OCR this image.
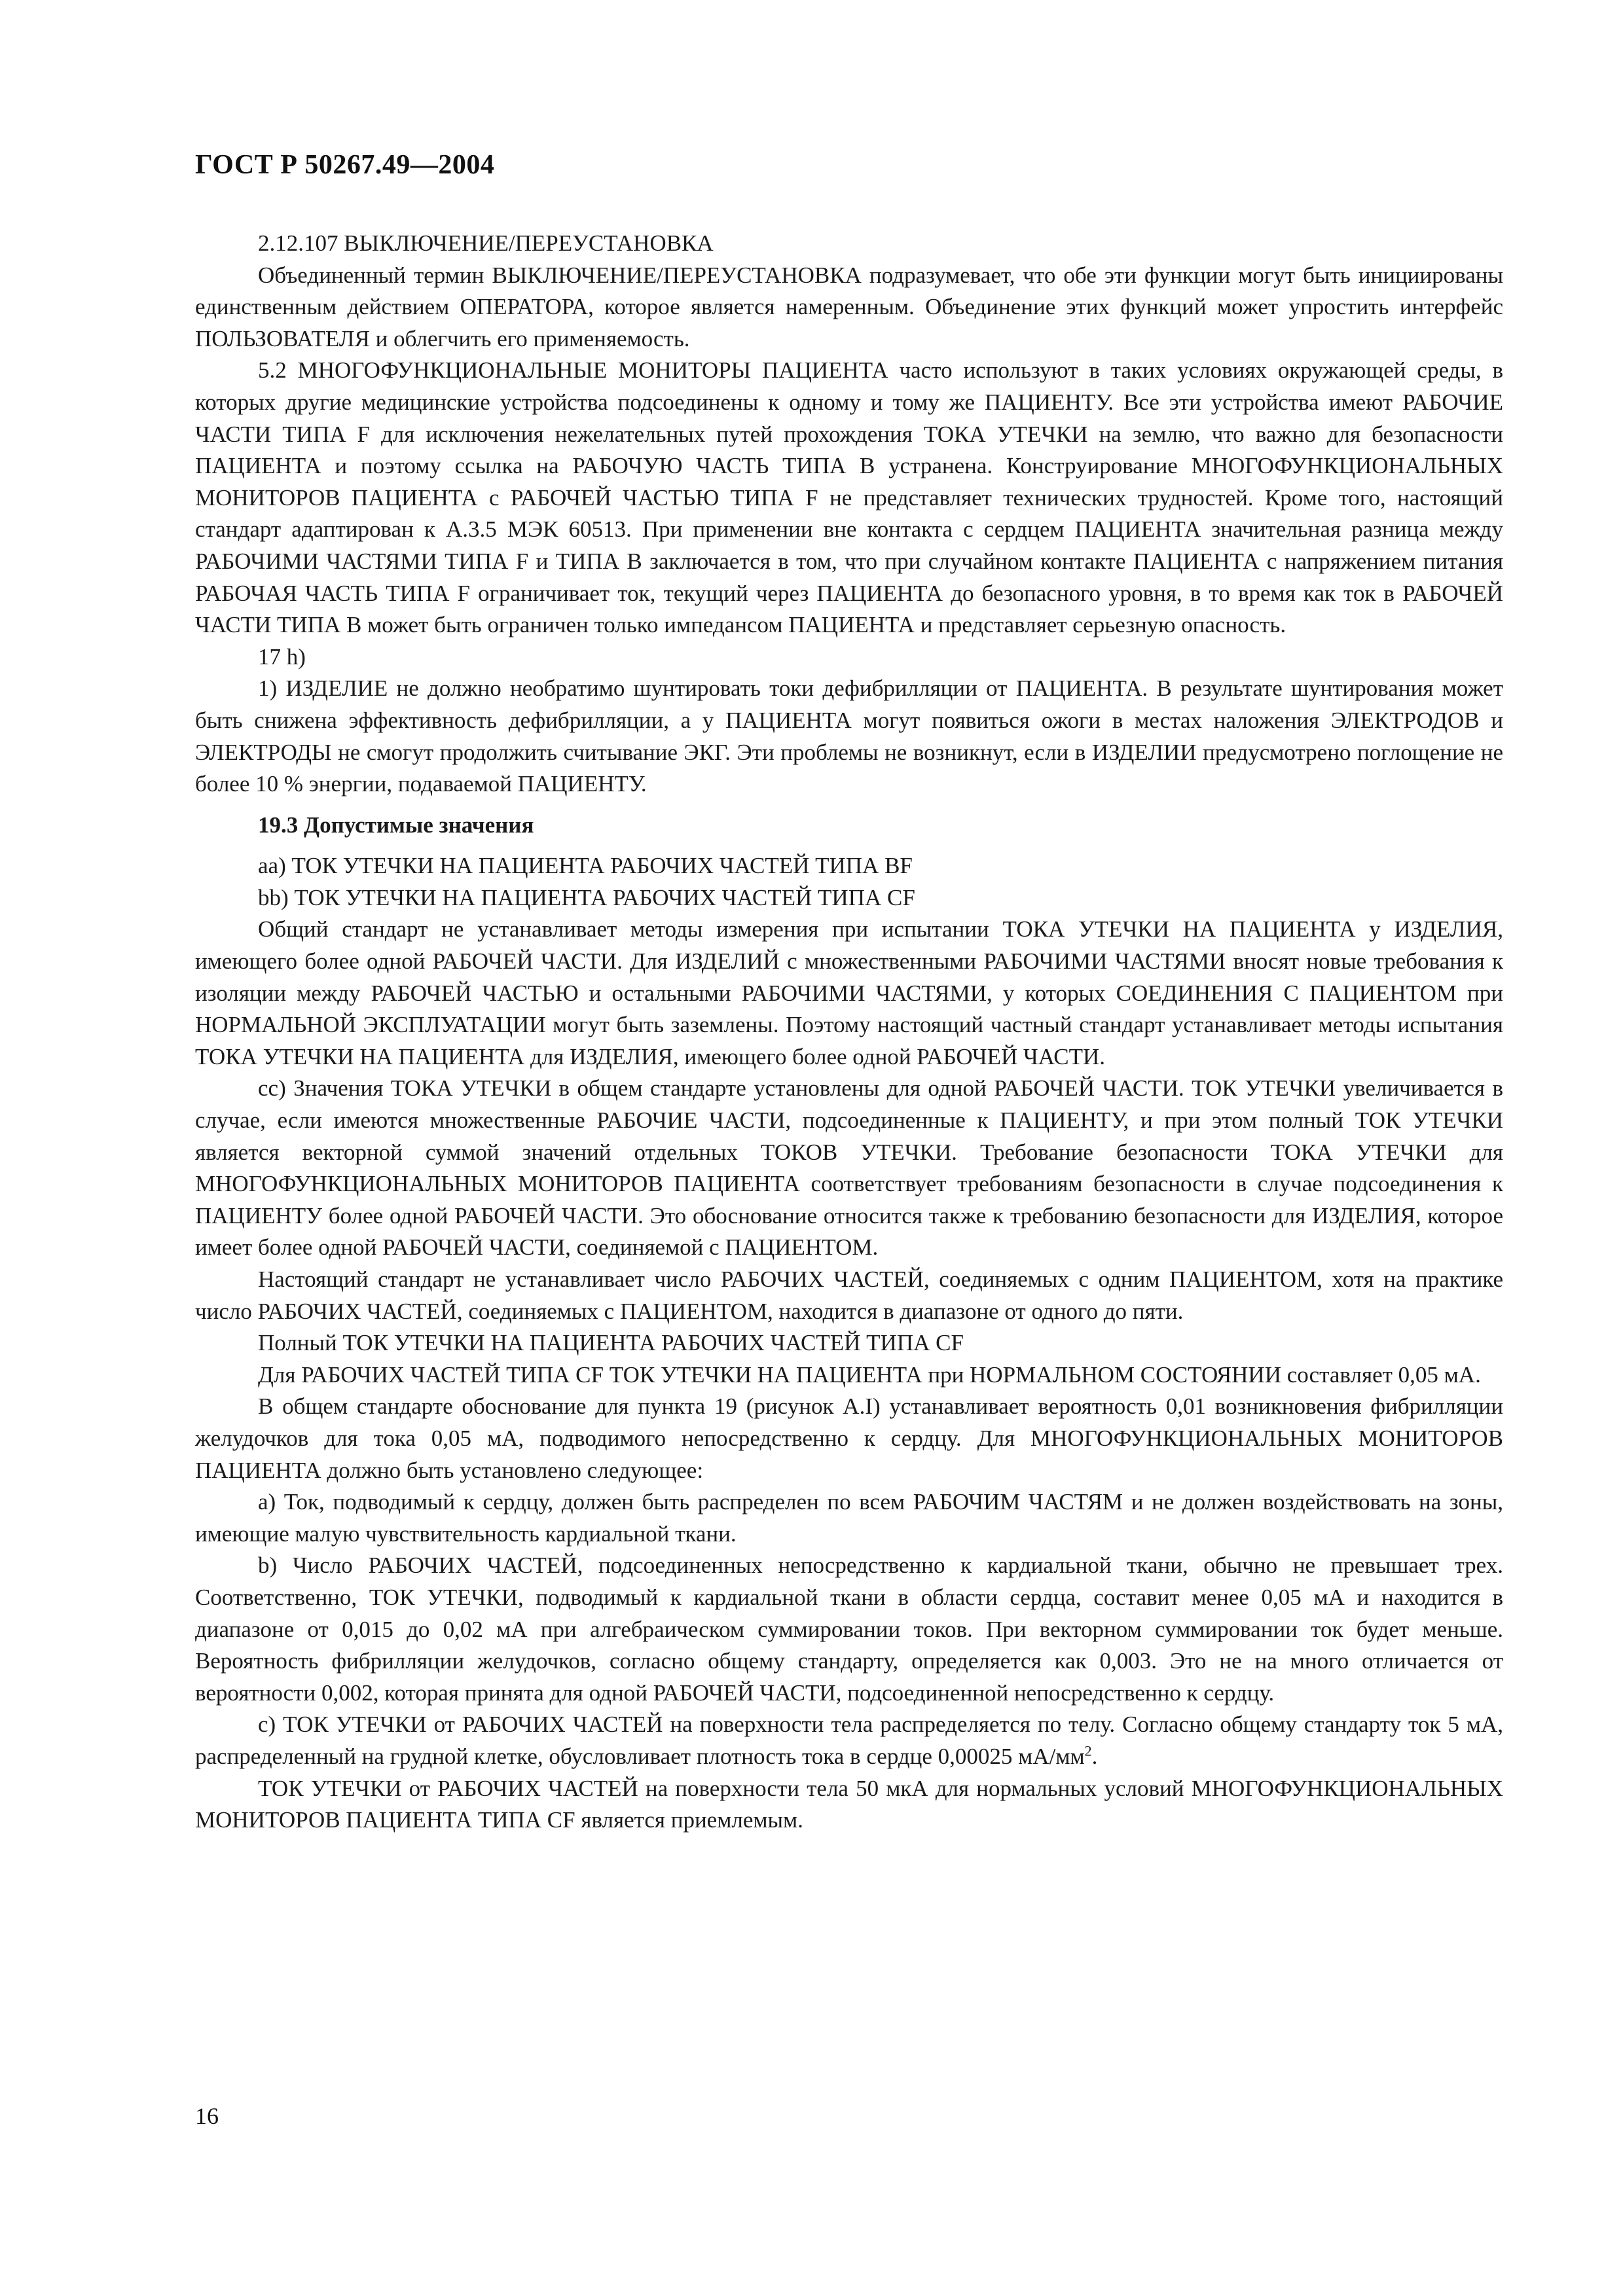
ГОСТ Р 50267.49—2004

2.12.107 ВЫКЛЮЧЕНИЕ/ПЕРЕУСТАНОВКА

Объединенный термин ВЫКЛЮЧЕНИЕ/ПЕРЕУСТАНОВКА подразумевает, что обе эти функции могут быть инициированы единственным действием ОПЕРАТОРА, которое является намеренным. Объединение этих функций может упростить интерфейс ПОЛЬЗОВАТЕЛЯ и облегчить его применяемость.

5.2 МНОГОФУНКЦИОНАЛЬНЫЕ МОНИТОРЫ ПАЦИЕНТА часто используют в таких условиях окружающей среды, в которых другие медицинские устройства подсоединены к одному и тому же ПАЦИЕНТУ. Все эти устройства имеют РАБОЧИЕ ЧАСТИ ТИПА F для исключения нежелательных путей прохождения ТОКА УТЕЧКИ на землю, что важно для безопасности ПАЦИЕНТА и поэтому ссылка на РАБОЧУЮ ЧАСТЬ ТИПА В устранена. Конструирование МНОГОФУНКЦИОНАЛЬНЫХ МОНИТОРОВ ПАЦИЕНТА с РАБОЧЕЙ ЧАСТЬЮ ТИПА F не представляет технических трудностей. Кроме того, настоящий стандарт адаптирован к А.3.5 МЭК 60513. При применении вне контакта с сердцем ПАЦИЕНТА значительная разница между РАБОЧИМИ ЧАСТЯМИ ТИПА F и ТИПА В заключается в том, что при случайном контакте ПАЦИЕНТА с напряжением питания РАБОЧАЯ ЧАСТЬ ТИПА F ограничивает ток, текущий через ПАЦИЕНТА до безопасного уровня, в то время как ток в РАБОЧЕЙ ЧАСТИ ТИПА В может быть ограничен только импедансом ПАЦИЕНТА и представляет серьезную опасность.

17 h)

1) ИЗДЕЛИЕ не должно необратимо шунтировать токи дефибрилляции от ПАЦИЕНТА. В результате шунтирования может быть снижена эффективность дефибрилляции, а у ПАЦИЕНТА могут появиться ожоги в местах наложения ЭЛЕКТРОДОВ и ЭЛЕКТРОДЫ не смогут продолжить считывание ЭКГ. Эти проблемы не возникнут, если в ИЗДЕЛИИ предусмотрено поглощение не более 10 % энергии, подаваемой ПАЦИЕНТУ.

19.3 Допустимые значения

аа) ТОК УТЕЧКИ НА ПАЦИЕНТА РАБОЧИХ ЧАСТЕЙ ТИПА BF

bb) ТОК УТЕЧКИ НА ПАЦИЕНТА РАБОЧИХ ЧАСТЕЙ ТИПА CF

Общий стандарт не устанавливает методы измерения при испытании ТОКА УТЕЧКИ НА ПАЦИЕНТА у ИЗДЕЛИЯ, имеющего более одной РАБОЧЕЙ ЧАСТИ. Для ИЗДЕЛИЙ с множественными РАБОЧИМИ ЧАСТЯМИ вносят новые требования к изоляции между РАБОЧЕЙ ЧАСТЬЮ и остальными РАБОЧИМИ ЧАСТЯМИ, у которых СОЕДИНЕНИЯ С ПАЦИЕНТОМ при НОРМАЛЬНОЙ ЭКСПЛУАТАЦИИ могут быть заземлены. Поэтому настоящий частный стандарт устанавливает методы испытания ТОКА УТЕЧКИ НА ПАЦИЕНТА для ИЗДЕЛИЯ, имеющего более одной РАБОЧЕЙ ЧАСТИ.

сс) Значения ТОКА УТЕЧКИ в общем стандарте установлены для одной РАБОЧЕЙ ЧАСТИ. ТОК УТЕЧКИ увеличивается в случае, если имеются множественные РАБОЧИЕ ЧАСТИ, подсоединенные к ПАЦИЕНТУ, и при этом полный ТОК УТЕЧКИ является векторной суммой значений отдельных ТОКОВ УТЕЧКИ. Требование безопасности ТОКА УТЕЧКИ для МНОГОФУНКЦИОНАЛЬНЫХ МОНИТОРОВ ПАЦИЕНТА соответствует требованиям безопасности в случае подсоединения к ПАЦИЕНТУ более одной РАБОЧЕЙ ЧАСТИ. Это обоснование относится также к требованию безопасности для ИЗДЕЛИЯ, которое имеет более одной РАБОЧЕЙ ЧАСТИ, соединяемой с ПАЦИЕНТОМ.

Настоящий стандарт не устанавливает число РАБОЧИХ ЧАСТЕЙ, соединяемых с одним ПАЦИЕНТОМ, хотя на практике число РАБОЧИХ ЧАСТЕЙ, соединяемых с ПАЦИЕНТОМ, находится в диапазоне от одного до пяти.

Полный ТОК УТЕЧКИ НА ПАЦИЕНТА РАБОЧИХ ЧАСТЕЙ ТИПА CF

Для РАБОЧИХ ЧАСТЕЙ ТИПА CF ТОК УТЕЧКИ НА ПАЦИЕНТА при НОРМАЛЬНОМ СОСТОЯНИИ составляет 0,05 мА.

В общем стандарте обоснование для пункта 19 (рисунок А.I) устанавливает вероятность 0,01 возникновения фибрилляции желудочков для тока 0,05 мА, подводимого непосредственно к сердцу. Для МНОГОФУНКЦИОНАЛЬНЫХ МОНИТОРОВ ПАЦИЕНТА должно быть установлено следующее:

а) Ток, подводимый к сердцу, должен быть распределен по всем РАБОЧИМ ЧАСТЯМ и не должен воздействовать на зоны, имеющие малую чувствительность кардиальной ткани.

b) Число РАБОЧИХ ЧАСТЕЙ, подсоединенных непосредственно к кардиальной ткани, обычно не превышает трех. Соответственно, ТОК УТЕЧКИ, подводимый к кардиальной ткани в области сердца, составит менее 0,05 мА и находится в диапазоне от 0,015 до 0,02 мА при алгебраическом суммировании токов. При векторном суммировании ток будет меньше. Вероятность фибрилляции желудочков, согласно общему стандарту, определяется как 0,003. Это не на много отличается от вероятности 0,002, которая принята для одной РАБОЧЕЙ ЧАСТИ, подсоединенной непосредственно к сердцу.

с) ТОК УТЕЧКИ от РАБОЧИХ ЧАСТЕЙ на поверхности тела распределяется по телу. Согласно общему стандарту ток 5 мА, распределенный на грудной клетке, обусловливает плотность тока в сердце 0,00025 $мА/мм^2$.

ТОК УТЕЧКИ от РАБОЧИХ ЧАСТЕЙ на поверхности тела 50 мкА для нормальных условий МНОГОФУНКЦИОНАЛЬНЫХ МОНИТОРОВ ПАЦИЕНТА ТИПА CF является приемлемым.

16
